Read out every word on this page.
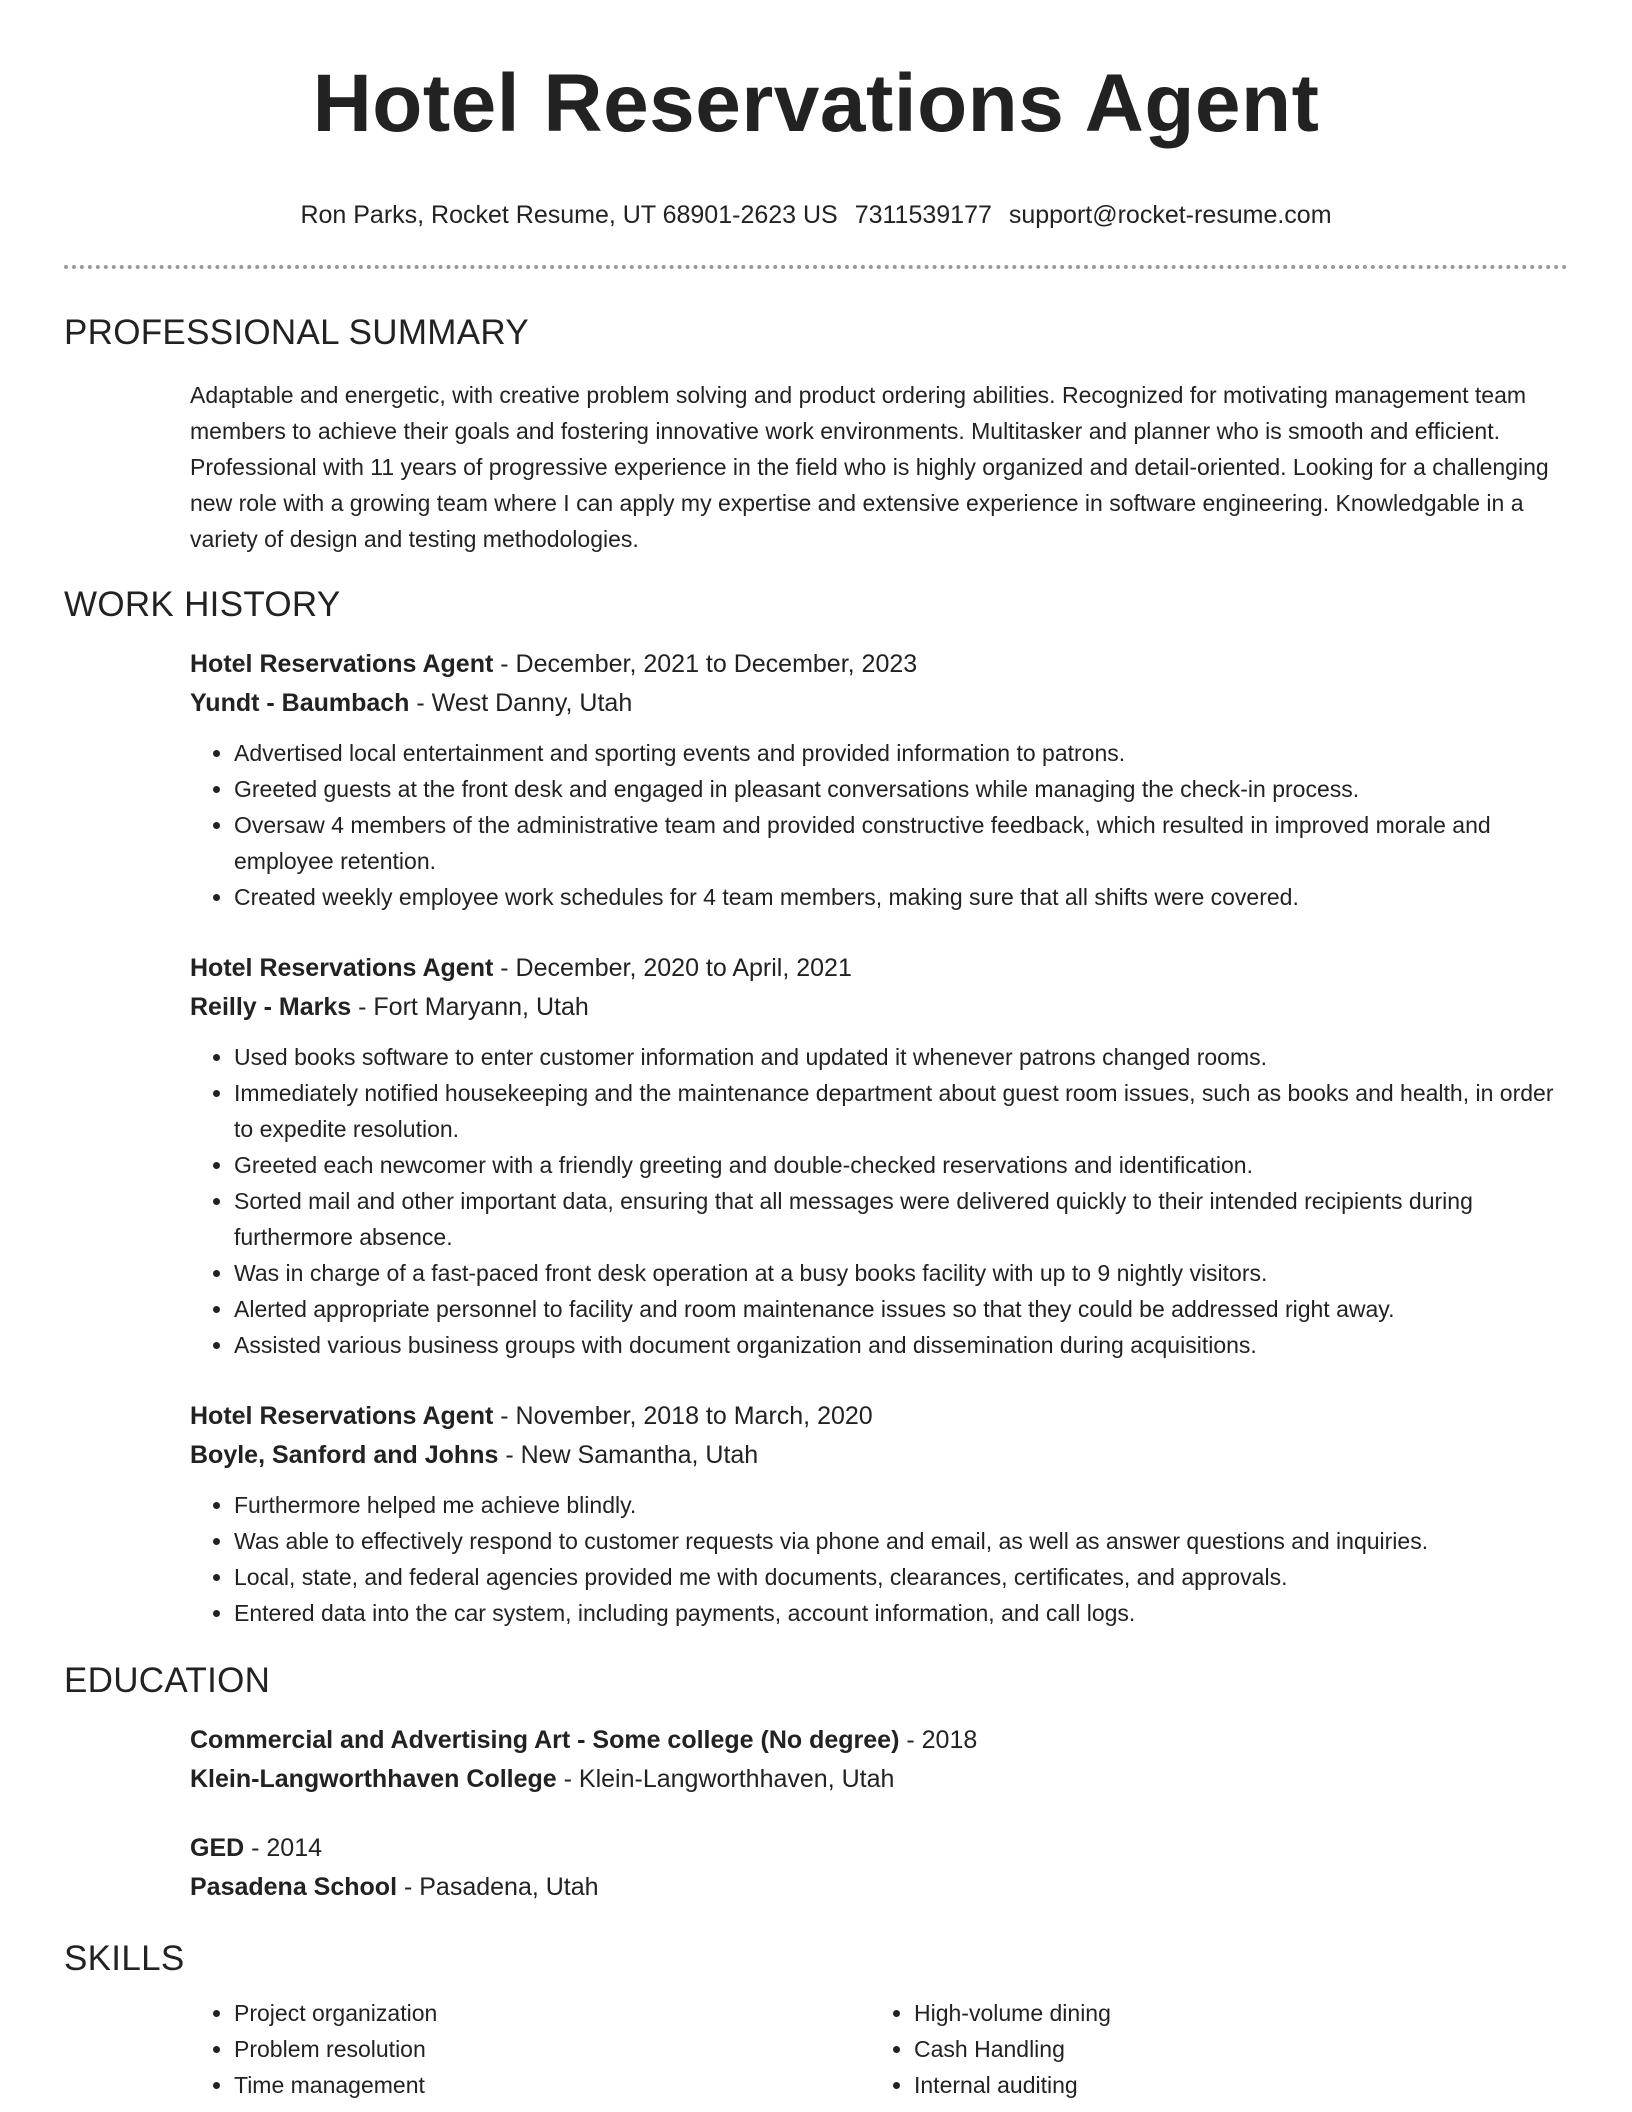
Hotel Reservations Agent
Ron Parks, Rocket Resume, UT 68901-2623 US 7311539177 support@rocket-resume.com
PROFESSIONAL SUMMARY
Adaptable and energetic, with creative problem solving and product ordering abilities. Recognized for motivating management team members to achieve their goals and fostering innovative work environments. Multitasker and planner who is smooth and efficient. Professional with 11 years of progressive experience in the field who is highly organized and detail-oriented. Looking for a challenging new role with a growing team where I can apply my expertise and extensive experience in software engineering. Knowledgable in a variety of design and testing methodologies.
WORK HISTORY
Hotel Reservations Agent - December, 2021 to December, 2023
Yundt - Baumbach - West Danny, Utah
• Advertised local entertainment and sporting events and provided information to patrons.
• Greeted guests at the front desk and engaged in pleasant conversations while managing the check-in process.
• Oversaw 4 members of the administrative team and provided constructive feedback, which resulted in improved morale and employee retention.
• Created weekly employee work schedules for 4 team members, making sure that all shifts were covered.
Hotel Reservations Agent - December, 2020 to April, 2021
Reilly - Marks - Fort Maryann, Utah
• Used books software to enter customer information and updated it whenever patrons changed rooms.
• Immediately notified housekeeping and the maintenance department about guest room issues, such as books and health, in order to expedite resolution.
• Greeted each newcomer with a friendly greeting and double-checked reservations and identification.
• Sorted mail and other important data, ensuring that all messages were delivered quickly to their intended recipients during furthermore absence.
• Was in charge of a fast-paced front desk operation at a busy books facility with up to 9 nightly visitors.
• Alerted appropriate personnel to facility and room maintenance issues so that they could be addressed right away.
• Assisted various business groups with document organization and dissemination during acquisitions.
Hotel Reservations Agent - November, 2018 to March, 2020
Boyle, Sanford and Johns - New Samantha, Utah
• Furthermore helped me achieve blindly.
• Was able to effectively respond to customer requests via phone and email, as well as answer questions and inquiries.
• Local, state, and federal agencies provided me with documents, clearances, certificates, and approvals.
• Entered data into the car system, including payments, account information, and call logs.
EDUCATION
Commercial and Advertising Art - Some college (No degree) - 2018
Klein-Langworthhaven College - Klein-Langworthhaven, Utah
GED - 2014
Pasadena School - Pasadena, Utah
SKILLS
• Project organization
• Problem resolution
• Time management
• High-volume dining
• Cash Handling
• Internal auditing
